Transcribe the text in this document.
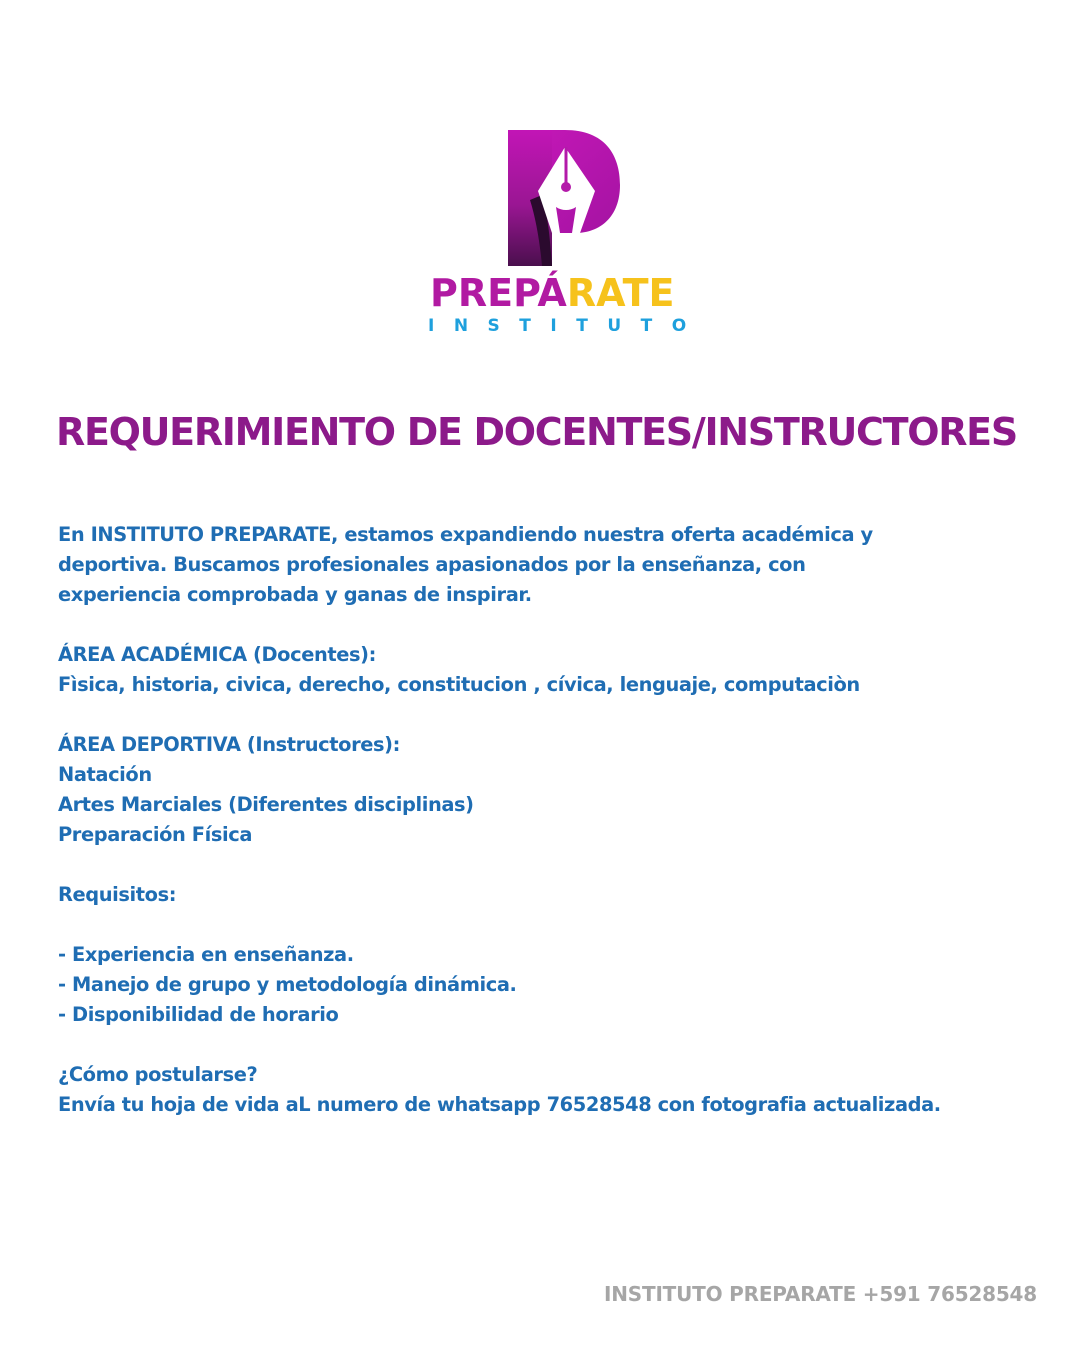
PREPÁRATE
INSTITUTO
REQUERIMIENTO DE DOCENTES/INSTRUCTORES
En INSTITUTO PREPARATE, estamos expandiendo nuestra oferta académica y
deportiva. Buscamos profesionales apasionados por la enseñanza, con
experiencia comprobada y ganas de inspirar.
ÁREA ACADÉMICA (Docentes):
Fìsica, historia, civica, derecho, constitucion , cívica, lenguaje, computaciòn
ÁREA DEPORTIVA (Instructores):
Natación
Artes Marciales (Diferentes disciplinas)
Preparación Física
Requisitos:
- Experiencia en enseñanza.
- Manejo de grupo y metodología dinámica.
- Disponibilidad de horario
¿Cómo postularse?
Envía tu hoja de vida aL numero de whatsapp 76528548 con fotografia actualizada.
INSTITUTO PREPARATE +591 76528548
